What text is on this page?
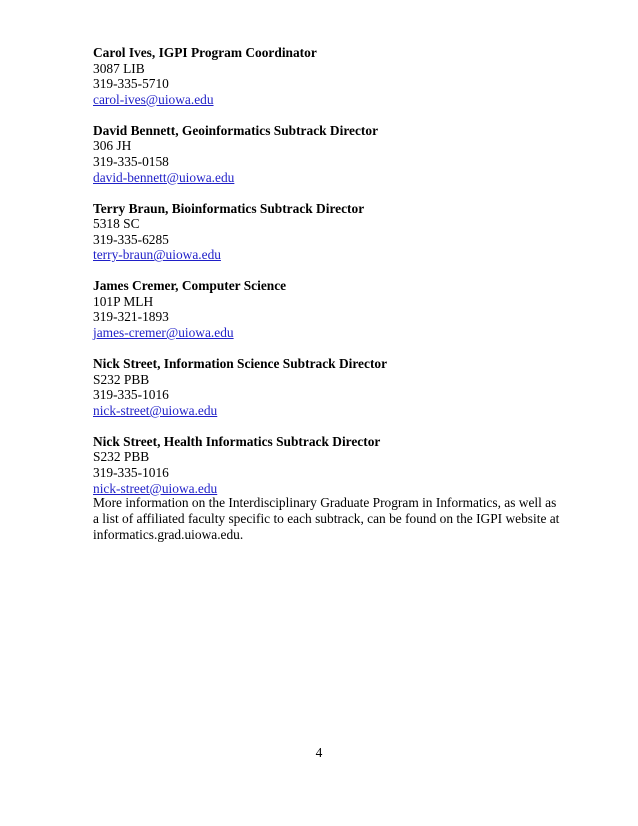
Carol Ives, IGPI Program Coordinator
3087 LIB
319-335-5710
carol-ives@uiowa.edu
David Bennett, Geoinformatics Subtrack Director
306 JH
319-335-0158
david-bennett@uiowa.edu
Terry Braun, Bioinformatics Subtrack Director
5318 SC
319-335-6285
terry-braun@uiowa.edu
James Cremer, Computer Science
101P MLH
319-321-1893
james-cremer@uiowa.edu
Nick Street, Information Science Subtrack Director
S232 PBB
319-335-1016
nick-street@uiowa.edu
Nick Street, Health Informatics Subtrack Director
S232 PBB
319-335-1016
nick-street@uiowa.edu

More information on the Interdisciplinary Graduate Program in Informatics, as well as a list of affiliated faculty specific to each subtrack, can be found on the IGPI website at informatics.grad.uiowa.edu.

4
